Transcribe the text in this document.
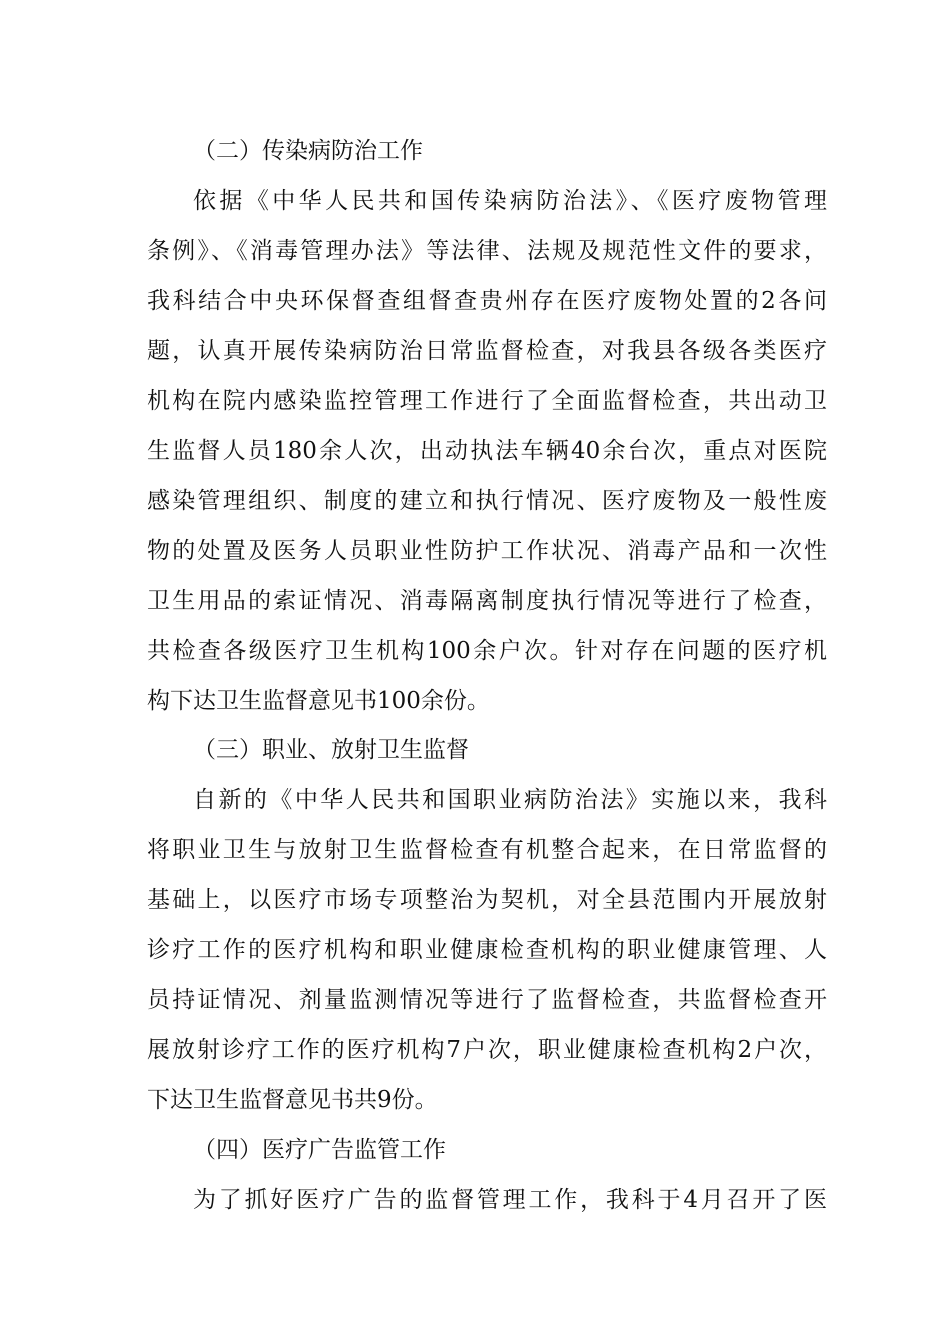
（二）传染病防治工作
依据《中华人民共和国传染病防治法》、《医疗废物管理
条例》、《消毒管理办法》等法律、法规及规范性文件的要求，
我科结合中央环保督查组督查贵州存在医疗废物处置的2各问
题，认真开展传染病防治日常监督检查，对我县各级各类医疗
机构在院内感染监控管理工作进行了全面监督检查，共出动卫
生监督人员180余人次，出动执法车辆40余台次，重点对医院
感染管理组织、制度的建立和执行情况、医疗废物及一般性废
物的处置及医务人员职业性防护工作状况、消毒产品和一次性
卫生用品的索证情况、消毒隔离制度执行情况等进行了检查，
共检查各级医疗卫生机构100余户次。针对存在问题的医疗机
构下达卫生监督意见书100余份。
（三）职业、放射卫生监督
自新的《中华人民共和国职业病防治法》实施以来，我科
将职业卫生与放射卫生监督检查有机整合起来，在日常监督的
基础上，以医疗市场专项整治为契机，对全县范围内开展放射
诊疗工作的医疗机构和职业健康检查机构的职业健康管理、人
员持证情况、剂量监测情况等进行了监督检查，共监督检查开
展放射诊疗工作的医疗机构7户次，职业健康检查机构2户次，
下达卫生监督意见书共9份。
（四）医疗广告监管工作
为了抓好医疗广告的监督管理工作，我科于4月召开了医
